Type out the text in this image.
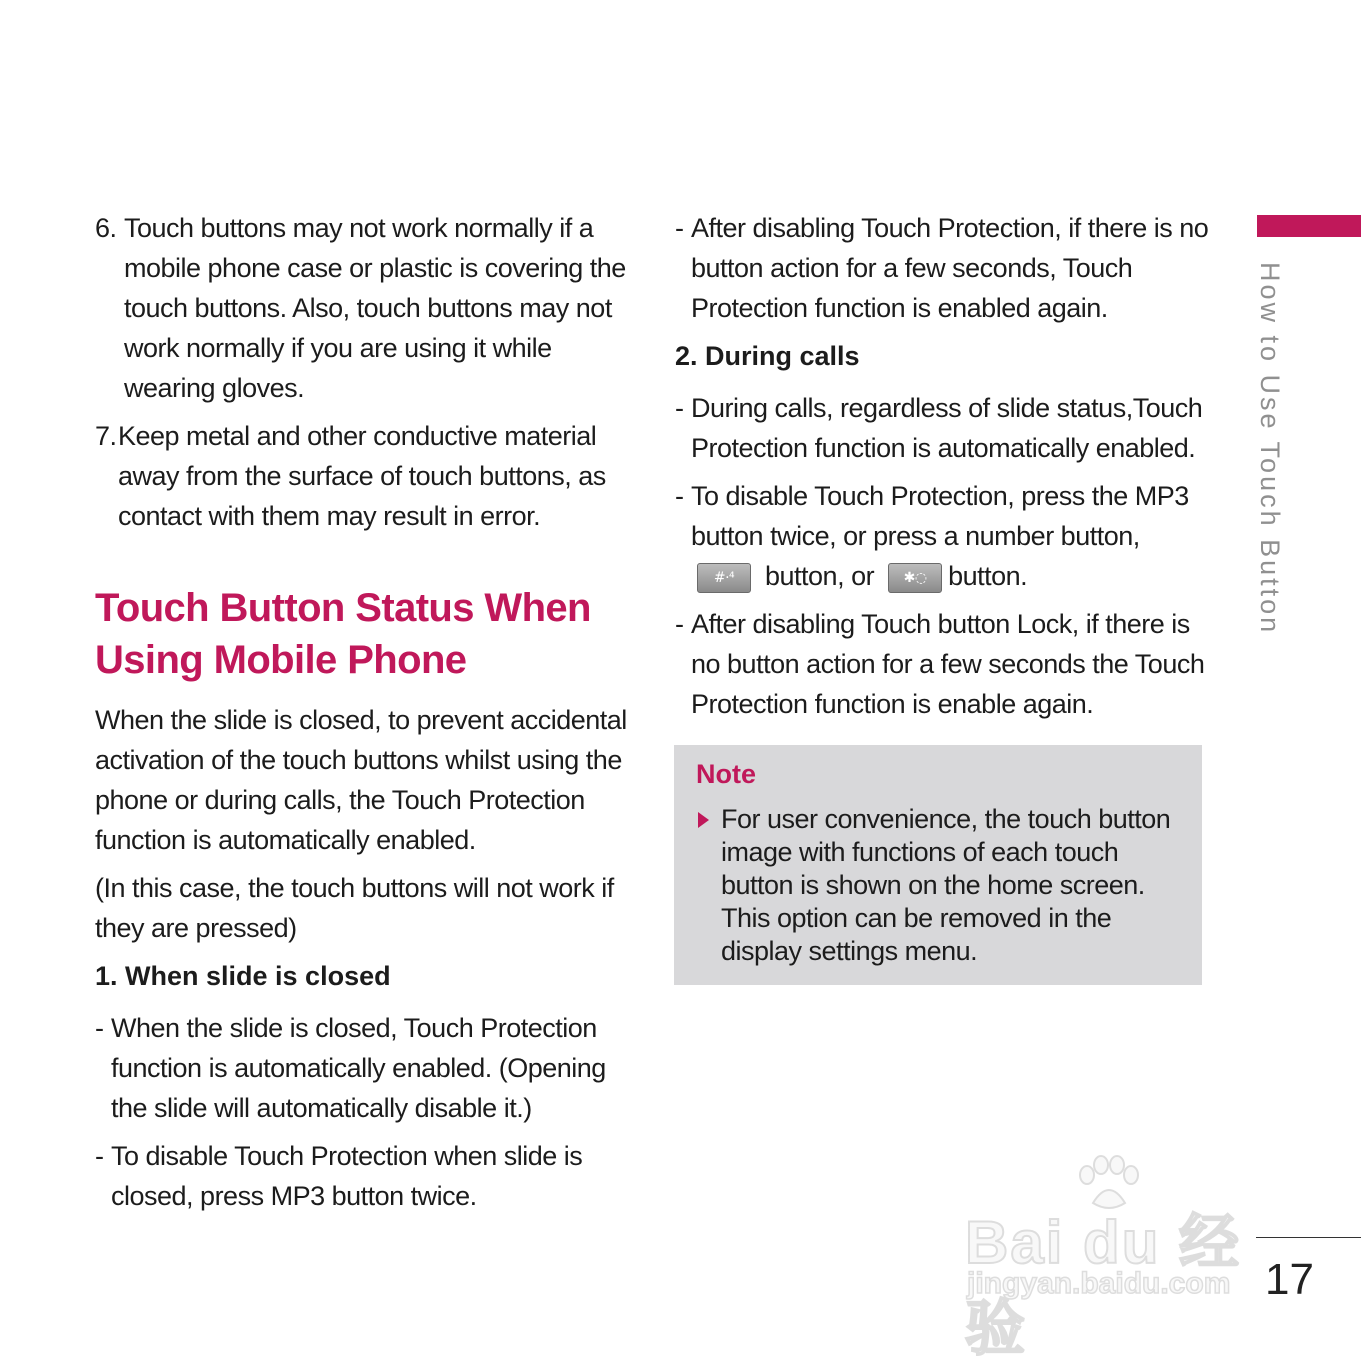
6. Touch buttons may not work normally if a mobile phone case or plastic is covering the touch buttons. Also, touch buttons may not work normally if you are using it while wearing gloves.
7. Keep metal and other conductive material away from the surface of touch buttons, as contact with them may result in error.
Touch Button Status When Using Mobile Phone

When the slide is closed, to prevent accidental activation of the touch buttons whilst using the phone or during calls, the Touch Protection function is automatically enabled.

(In this case, the touch buttons will not work if they are pressed)

1. When slide is closed
- When the slide is closed, Touch Protection function is automatically enabled. (Opening the slide will automatically disable it.)
- To disable Touch Protection when slide is closed, press MP3 button twice.
- After disabling Touch Protection, if there is no button action for a few seconds, Touch Protection function is enabled again.
2. During calls
- During calls, regardless of slide status,Touch Protection function is automatically enabled.
- To disable Touch Protection, press the MP3 button twice, or press a number button,
#⋅⁴ button, or ✱◌ button.
- After disabling Touch button Lock, if there is no button action for a few seconds the Touch Protection function is enable again.
Note
For user convenience, the touch button image with functions of each touch button is shown on the home screen. This option can be removed in the display settings menu.
How to Use Touch Button
Bai du 经验
jingyan.baidu.com 17
